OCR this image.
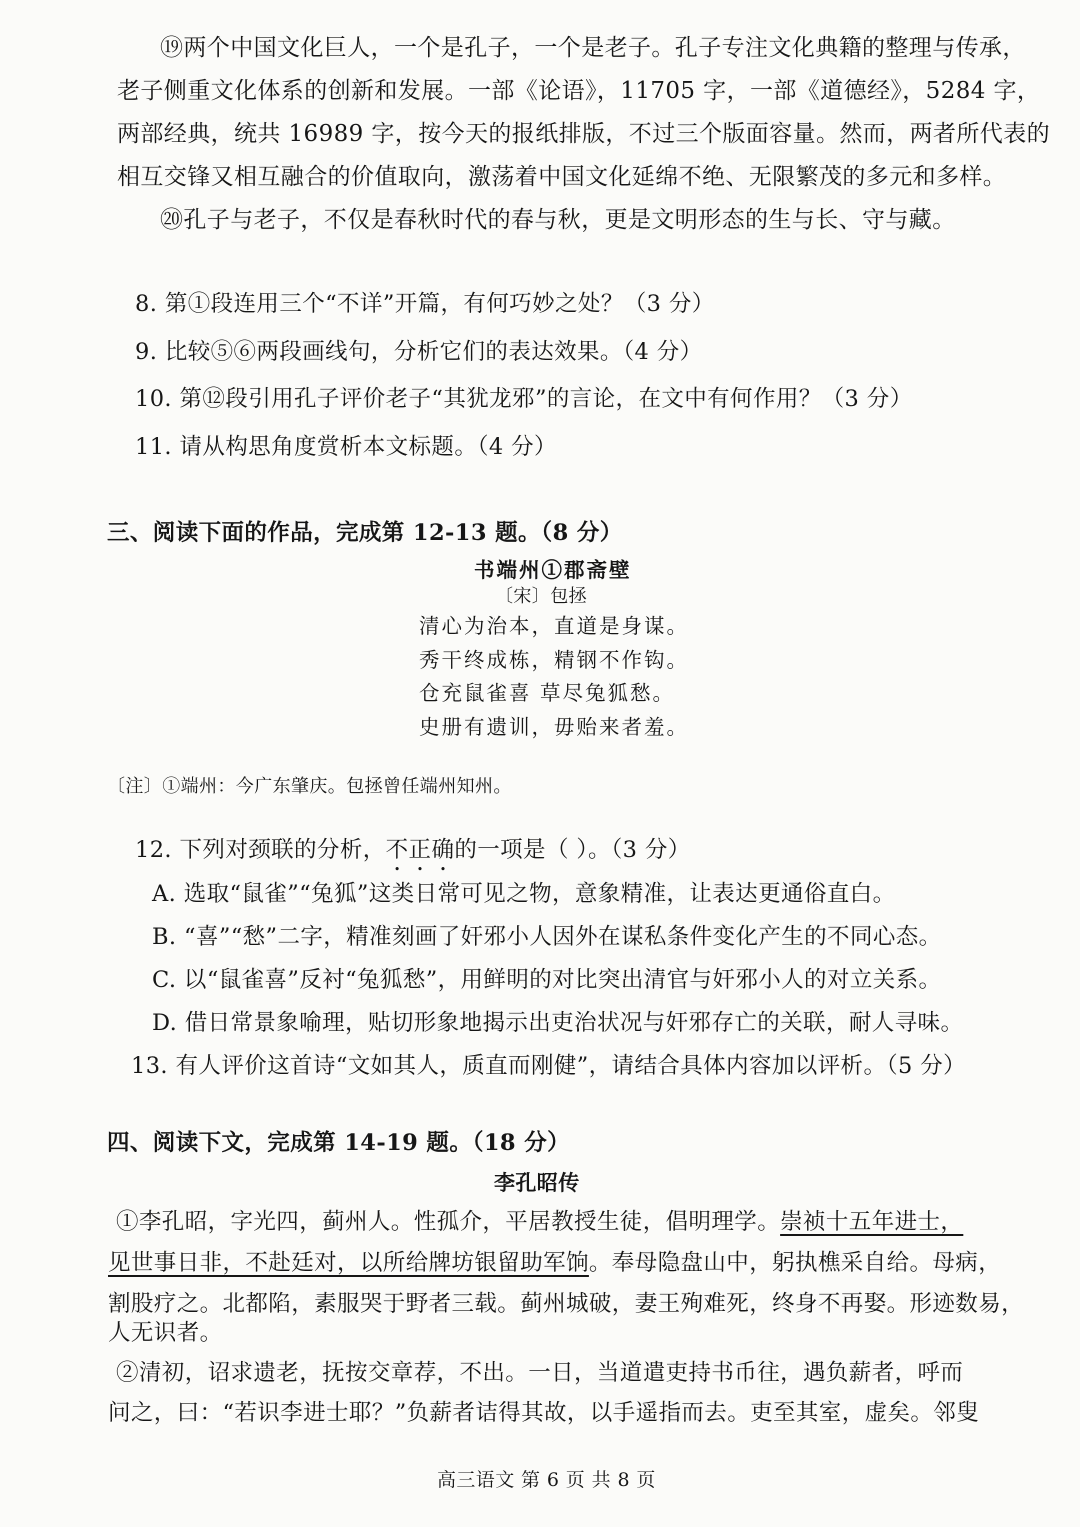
⑲两个中国文化巨人，一个是孔子，一个是老子。孔子专注文化典籍的整理与传承，
老子侧重文化体系的创新和发展。一部《论语》，11705 字，一部《道德经》，5284 字，
两部经典，统共 16989 字，按今天的报纸排版，不过三个版面容量。然而，两者所代表的
相互交锋又相互融合的价值取向，激荡着中国文化延绵不绝、无限繁茂的多元和多样。
⑳孔子与老子，不仅是春秋时代的春与秋，更是文明形态的生与长、守与藏。
8. 第①段连用三个“不详”开篇，有何巧妙之处？（3 分）
9. 比较⑤⑥两段画线句，分析它们的表达效果。（4 分）
10. 第⑫段引用孔子评价老子“其犹龙邪”的言论，在文中有何作用？（3 分）
11. 请从构思角度赏析本文标题。（4 分）
三、阅读下面的作品，完成第 12-13 题。（8 分）
书端州①郡斋壁
〔宋〕包拯
清心为治本，直道是身谋。
秀干终成栋，精钢不作钩。
仓充鼠雀喜 草尽兔狐愁。
史册有遗训，毋贻来者羞。
〔注〕①端州：今广东肇庆。包拯曾任端州知州。
12. 下列对颈联的分析，不正确的一项是（ ）。（3 分）
A. 选取“鼠雀”“兔狐”这类日常可见之物，意象精准，让表达更通俗直白。
B. “喜”“愁”二字，精准刻画了奸邪小人因外在谋私条件变化产生的不同心态。
C. 以“鼠雀喜”反衬“兔狐愁”，用鲜明的对比突出清官与奸邪小人的对立关系。
D. 借日常景象喻理，贴切形象地揭示出吏治状况与奸邪存亡的关联，耐人寻味。
13. 有人评价这首诗“文如其人，质直而刚健”，请结合具体内容加以评析。（5 分）
四、阅读下文，完成第 14-19 题。（18 分）
李孔昭传
①李孔昭，字光四，蓟州人。性孤介，平居教授生徒，倡明理学。崇祯十五年进士，
见世事日非，不赴廷对，以所给牌坊银留助军饷。奉母隐盘山中，躬执樵采自给。母病，
割股疗之。北都陷，素服哭于野者三载。蓟州城破，妻王殉难死，终身不再娶。形迹数易，
人无识者。
②清初，诏求遗老，抚按交章荐，不出。一日，当道遣吏持书币往，遇负薪者，呼而
问之，曰：“若识李进士耶？”负薪者诘得其故，以手遥指而去。吏至其室，虚矣。邻叟
高三语文 第 6 页 共 8 页
